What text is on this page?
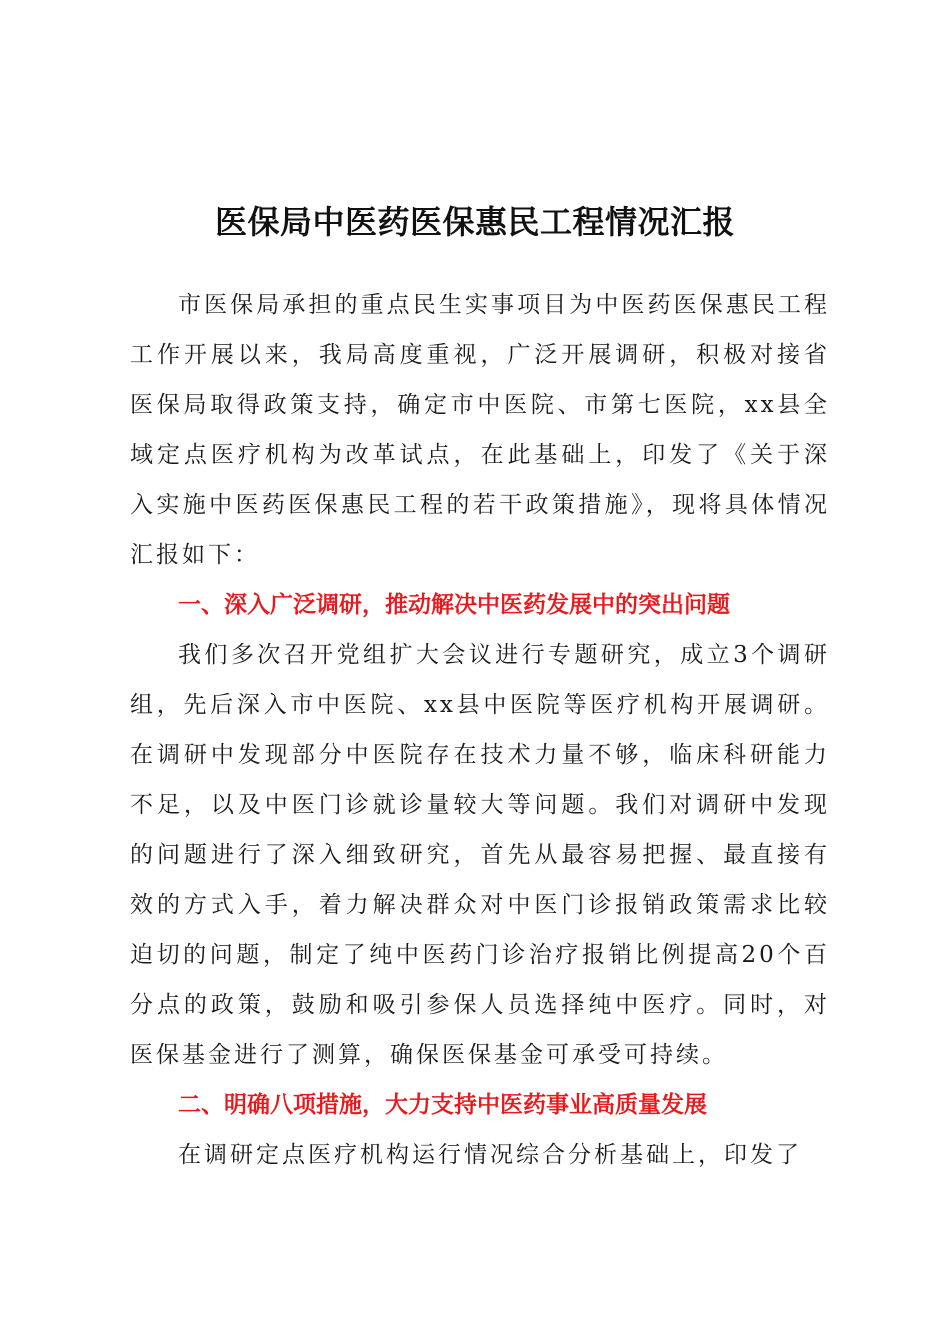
医保局中医药医保惠民工程情况汇报
市医保局承担的重点民生实事项目为中医药医保惠民工程工作开展以来，我局高度重视，广泛开展调研，积极对接省医保局取得政策支持，确定市中医院、市第七医院，xx县全域定点医疗机构为改革试点，在此基础上，印发了《关于深入实施中医药医保惠民工程的若干政策措施》，现将具体情况汇报如下：
一、深入广泛调研，推动解决中医药发展中的突出问题
我们多次召开党组扩大会议进行专题研究，成立3个调研组，先后深入市中医院、xx县中医院等医疗机构开展调研。在调研中发现部分中医院存在技术力量不够，临床科研能力不足，以及中医门诊就诊量较大等问题。我们对调研中发现的问题进行了深入细致研究，首先从最容易把握、最直接有效的方式入手，着力解决群众对中医门诊报销政策需求比较迫切的问题，制定了纯中医药门诊治疗报销比例提高20个百分点的政策，鼓励和吸引参保人员选择纯中医疗。同时，对医保基金进行了测算，确保医保基金可承受可持续。
二、明确八项措施，大力支持中医药事业高质量发展
在调研定点医疗机构运行情况综合分析基础上，印发了
